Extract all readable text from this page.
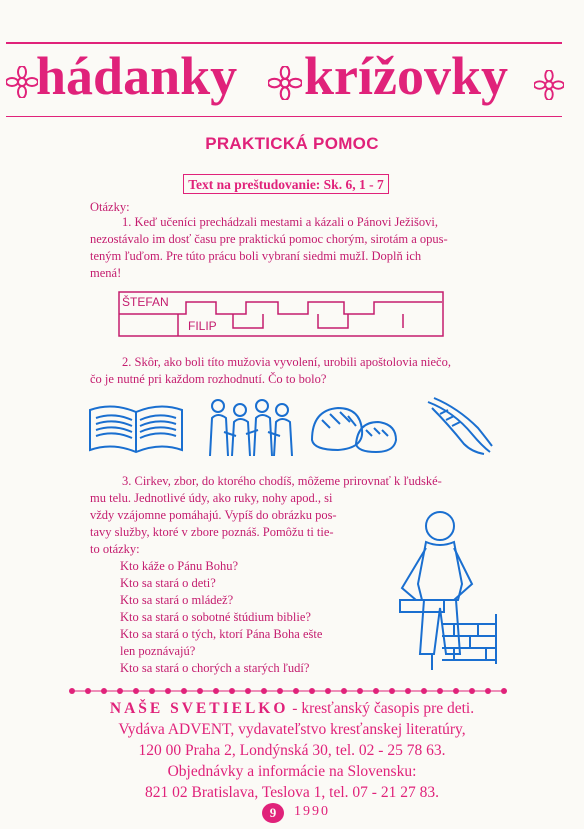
hádanky krížovky
PRAKTICKÁ POMOC
Text na preštudovanie: Sk. 6, 1 - 7
Otázky:
1. Keď učeníci prechádzali mestami a kázali o Pánovi Ježišovi,
nezostávalo im dosť času pre praktickú pomoc chorým, sirotám a opus-
teným ľuďom. Pre túto prácu boli vybraní siedmi mužI. Doplň ich
mená!
ŠTEFAN
FILIP
2. Skôr, ako boli títo mužovia vyvolení, urobili apoštolovia niečo,
čo je nutné pri každom rozhodnutí. Čo to bolo?
3. Cirkev, zbor, do ktorého chodíš, môžeme prirovnať k ľudské-
mu telu. Jednotlivé údy, ako ruky, nohy apod., si
vždy vzájomne pomáhajú. Vypíš do obrázku pos-
tavy služby, ktoré v zbore poznáš. Pomôžu ti tie-
to otázky:
Kto káže o Pánu Bohu?
Kto sa stará o deti?
Kto sa stará o mládež?
Kto sa stará o sobotné štúdium biblie?
Kto sa stará o tých, ktorí Pána Boha ešte
len poznávajú?
Kto sa stará o chorých a starých ľudí?
NAŠE SVETIELKO - kresťanský časopis pre deti.
Vydáva ADVENT, vydavateľstvo kresťanskej literatúry,
120 00 Praha 2, Londýnská 30, tel. 02 - 25 78 63.
Objednávky a informácie na Slovensku:
821 02 Bratislava, Teslova 1, tel. 07 - 21 27 83.
9	1990
